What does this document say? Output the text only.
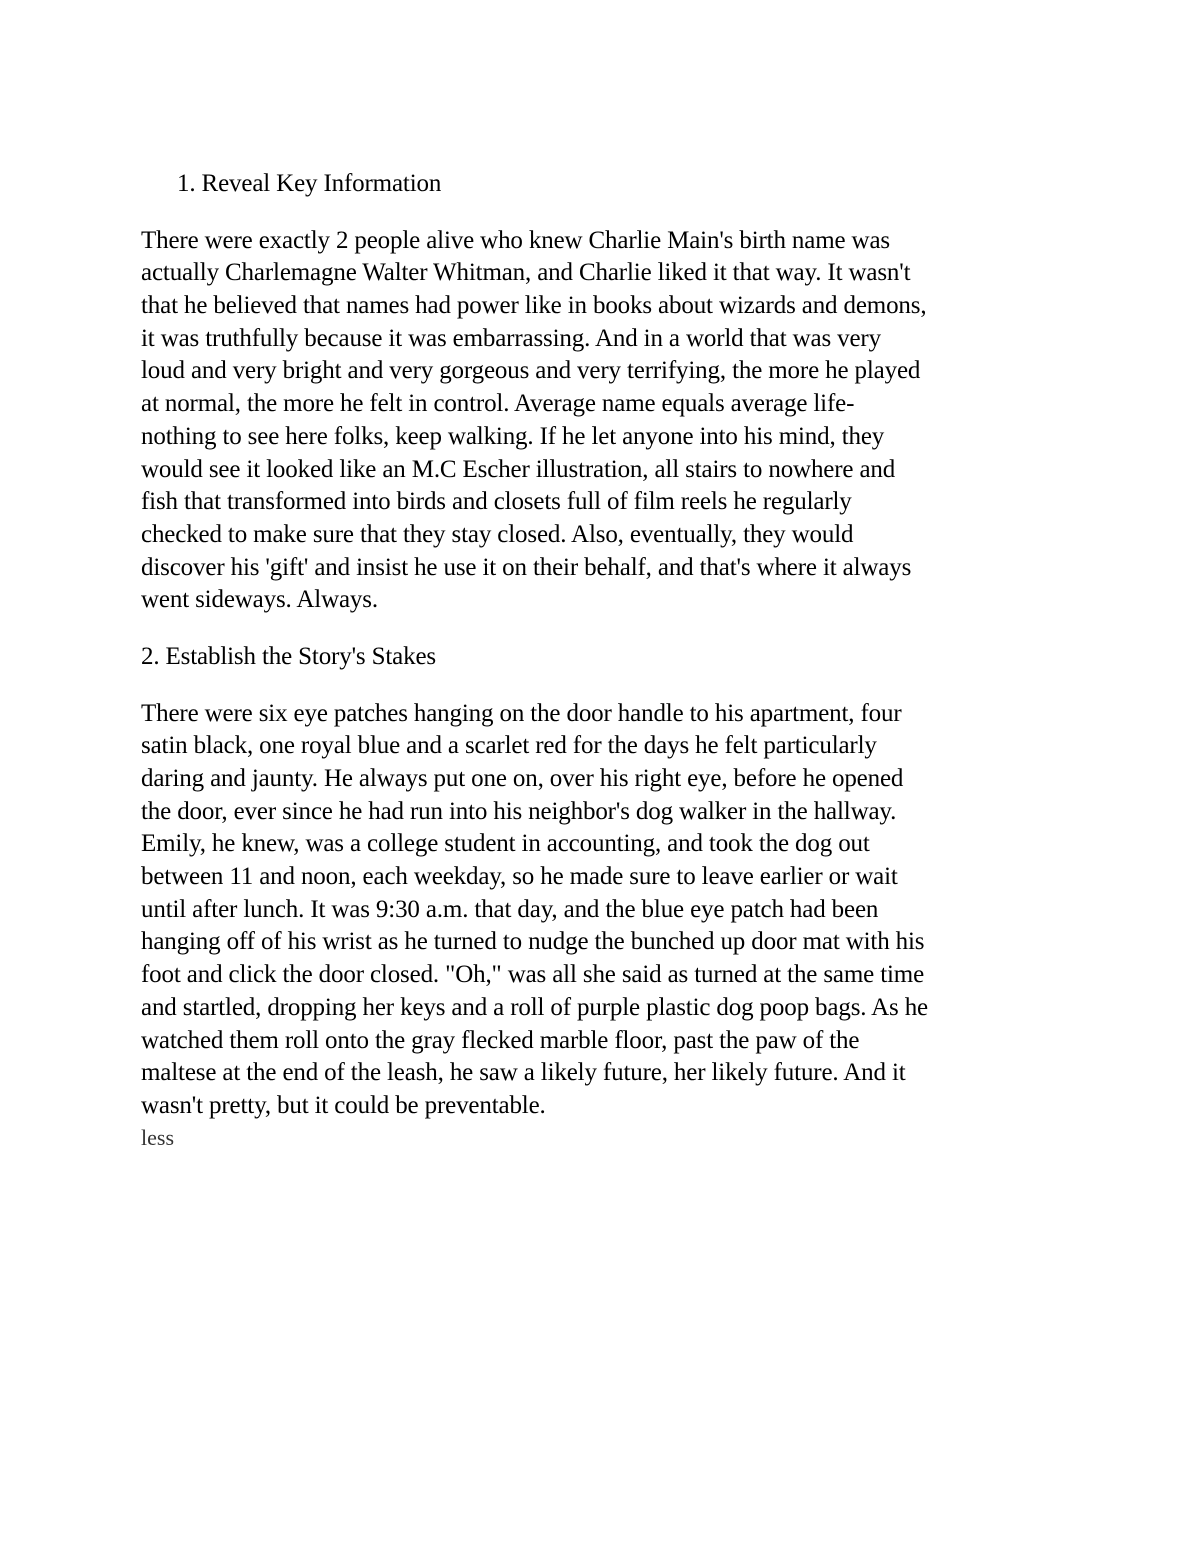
1. Reveal Key Information
There were exactly 2 people alive who knew Charlie Main's birth name was
actually Charlemagne Walter Whitman, and Charlie liked it that way. It wasn't
that he believed that names had power like in books about wizards and demons,
it was truthfully because it was embarrassing. And in a world that was very
loud and very bright and very gorgeous and very terrifying, the more he played
at normal, the more he felt in control. Average name equals average life-
nothing to see here folks, keep walking. If he let anyone into his mind, they
would see it looked like an M.C Escher illustration, all stairs to nowhere and
fish that transformed into birds and closets full of film reels he regularly
checked to make sure that they stay closed. Also, eventually, they would
discover his 'gift' and insist he use it on their behalf, and that's where it always
went sideways. Always.
2. Establish the Story's Stakes
There were six eye patches hanging on the door handle to his apartment, four
satin black, one royal blue and a scarlet red for the days he felt particularly
daring and jaunty. He always put one on, over his right eye, before he opened
the door, ever since he had run into his neighbor's dog walker in the hallway.
Emily, he knew, was a college student in accounting, and took the dog out
between 11 and noon, each weekday, so he made sure to leave earlier or wait
until after lunch. It was 9:30 a.m. that day, and the blue eye patch had been
hanging off of his wrist as he turned to nudge the bunched up door mat with his
foot and click the door closed. "Oh," was all she said as turned at the same time
and startled, dropping her keys and a roll of purple plastic dog poop bags. As he
watched them roll onto the gray flecked marble floor, past the paw of the
maltese at the end of the leash, he saw a likely future, her likely future. And it
wasn't pretty, but it could be preventable.
less
